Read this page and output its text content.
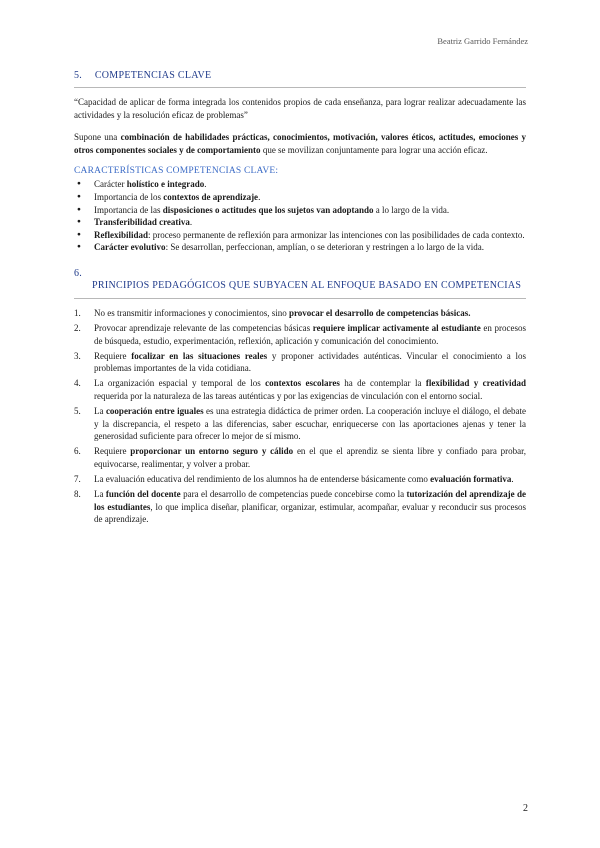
Beatriz Garrido Fernández
5. COMPETENCIAS CLAVE

“Capacidad de aplicar de forma integrada los contenidos propios de cada enseñanza, para lograr realizar adecuadamente las actividades y la resolución eficaz de problemas”

Supone una combinación de habilidades prácticas, conocimientos, motivación, valores éticos, actitudes, emociones y otros componentes sociales y de comportamiento que se movilizan conjuntamente para lograr una acción eficaz.

CARACTERÍSTICAS COMPETENCIAS CLAVE:
● Carácter holístico e integrado.
● Importancia de los contextos de aprendizaje.
● Importancia de las disposiciones o actitudes que los sujetos van adoptando a lo largo de la vida.
● Transferibilidad creativa.
● Reflexibilidad: proceso permanente de reflexión para armonizar las intenciones con las posibilidades de cada contexto.
● Carácter evolutivo: Se desarrollan, perfeccionan, amplían, o se deterioran y restringen a lo largo de la vida.
6.
PRINCIPIOS PEDAGÓGICOS QUE SUBYACEN AL ENFOQUE BASADO EN COMPETENCIAS
1. No es transmitir informaciones y conocimientos, sino provocar el desarrollo de competencias básicas.
2. Provocar aprendizaje relevante de las competencias básicas requiere implicar activamente al estudiante en procesos de búsqueda, estudio, experimentación, reflexión, aplicación y comunicación del conocimiento.
3. Requiere focalizar en las situaciones reales y proponer actividades auténticas. Vincular el conocimiento a los problemas importantes de la vida cotidiana.
4. La organización espacial y temporal de los contextos escolares ha de contemplar la flexibilidad y creatividad requerida por la naturaleza de las tareas auténticas y por las exigencias de vinculación con el entorno social.
5. La cooperación entre iguales es una estrategia didáctica de primer orden. La cooperación incluye el diálogo, el debate y la discrepancia, el respeto a las diferencias, saber escuchar, enriquecerse con las aportaciones ajenas y tener la generosidad suficiente para ofrecer lo mejor de sí mismo.
6. Requiere proporcionar un entorno seguro y cálido en el que el aprendiz se sienta libre y confiado para probar, equivocarse, realimentar, y volver a probar.
7. La evaluación educativa del rendimiento de los alumnos ha de entenderse básicamente como evaluación formativa.
8. La función del docente para el desarrollo de competencias puede concebirse como la tutorización del aprendizaje de los estudiantes, lo que implica diseñar, planificar, organizar, estimular, acompañar, evaluar y reconducir sus procesos de aprendizaje.
2
